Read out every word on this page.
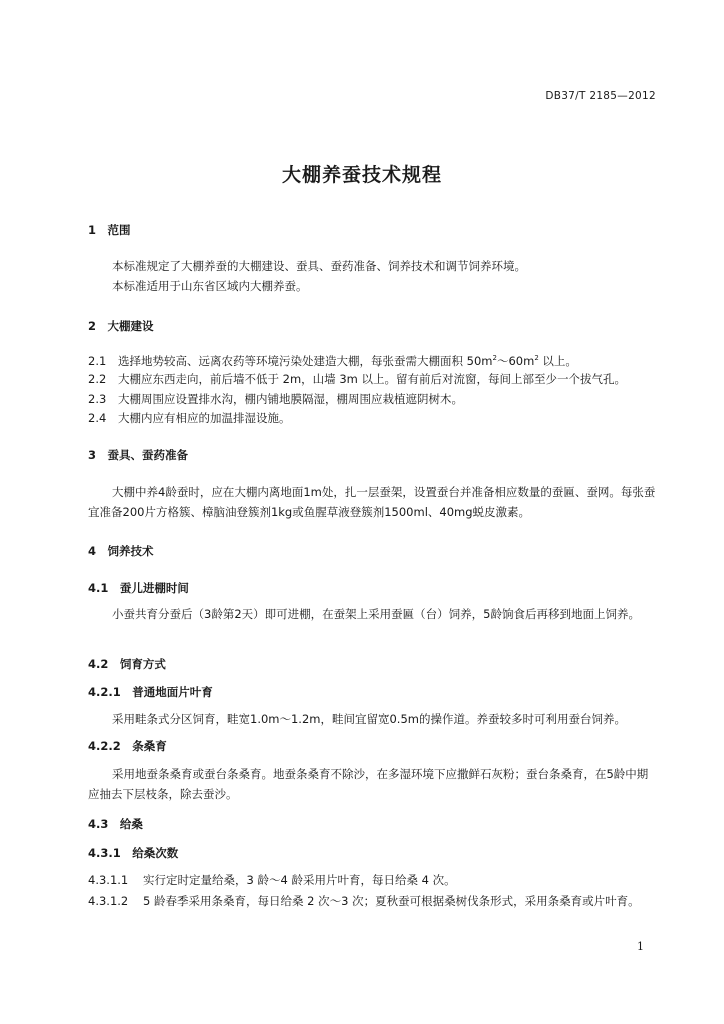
DB37/T 2185—2012
大棚养蚕技术规程
1　范围
本标准规定了大棚养蚕的大棚建设、蚕具、蚕药准备、饲养技术和调节饲养环境。
本标准适用于山东省区域内大棚养蚕。
2　大棚建设
2.1 选择地势较高、远离农药等环境污染处建造大棚，每张蚕需大棚面积 $50m^2\sim 60m^2$ 以上。
2.2 大棚应东西走向，前后墙不低于 2m，山墙 3m 以上。留有前后对流窗，每间上部至少一个拔气孔。
2.3 大棚周围应设置排水沟，棚内铺地膜隔湿，棚周围应栽植遮阴树木。
2.4 大棚内应有相应的加温排湿设施。
3　蚕具、蚕药准备
大棚中养4龄蚕时，应在大棚内离地面1m处，扎一层蚕架，设置蚕台并准备相应数量的蚕匾、蚕网。每张蚕宜准备200片方格簇、樟脑油登簇剂1kg或鱼腥草液登簇剂1500ml、40mg蜕皮激素。
4　饲养技术
4.1　蚕儿进棚时间
小蚕共育分蚕后（3龄第2天）即可进棚，在蚕架上采用蚕匾（台）饲养，5龄饷食后再移到地面上饲养。
4.2　饲育方式
4.2.1　普通地面片叶育
采用畦条式分区饲育，畦宽1.0m～1.2m，畦间宜留宽0.5m的操作道。养蚕较多时可利用蚕台饲养。
4.2.2　条桑育
采用地蚕条桑育或蚕台条桑育。地蚕条桑育不除沙，在多湿环境下应撒鲜石灰粉；蚕台条桑育，在5龄中期应抽去下层枝条，除去蚕沙。
4.3　给桑
4.3.1　给桑次数
4.3.1.1 实行定时定量给桑，3 龄～4 龄采用片叶育，每日给桑 4 次。
4.3.1.2 5 龄春季采用条桑育，每日给桑 2 次～3 次；夏秋蚕可根据桑树伐条形式，采用条桑育或片叶育。
1
